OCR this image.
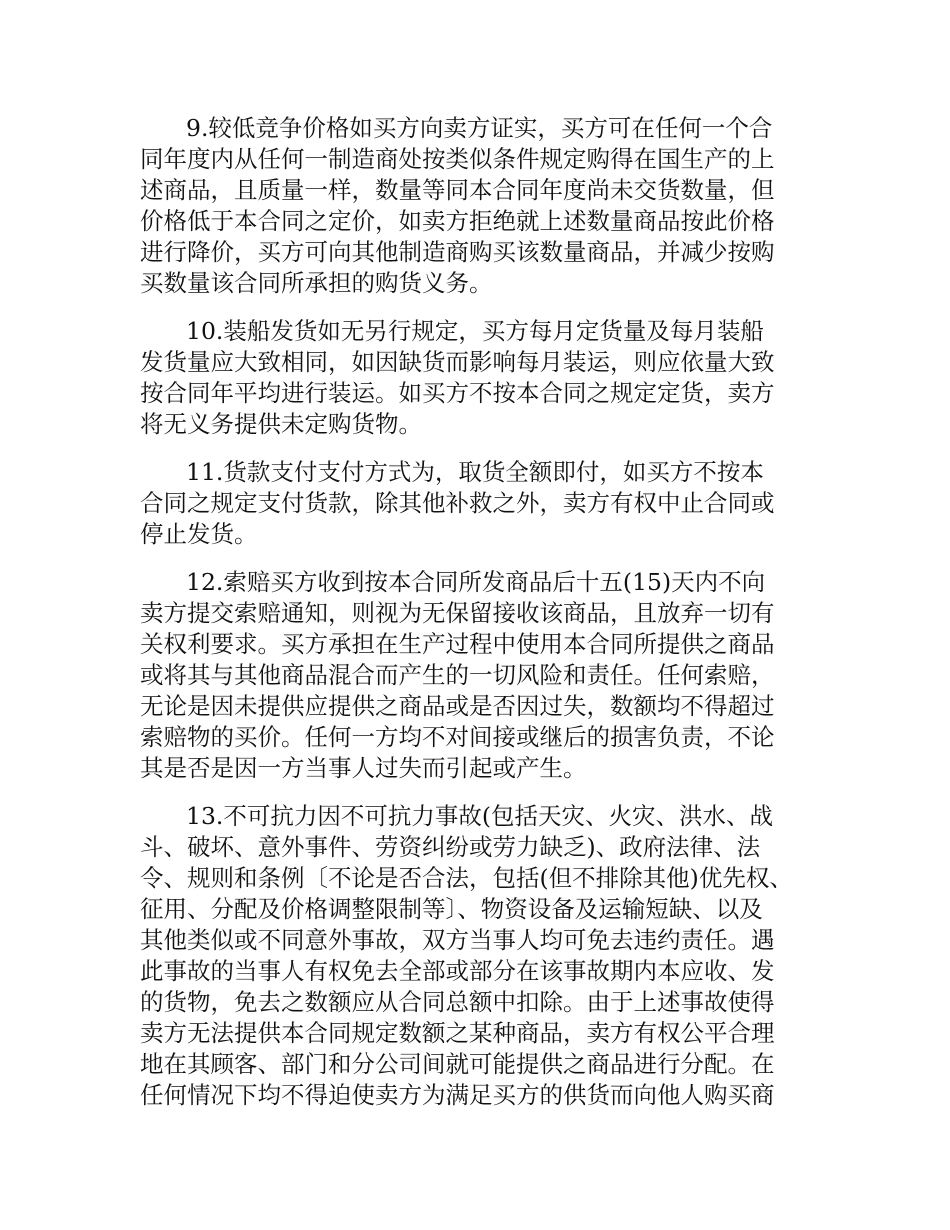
9.较低竞争价格如买方向卖方证实，买方可在任何一个合
同年度内从任何一制造商处按类似条件规定购得在国生产的上
述商品，且质量一样，数量等同本合同年度尚未交货数量，但
价格低于本合同之定价，如卖方拒绝就上述数量商品按此价格
进行降价，买方可向其他制造商购买该数量商品，并减少按购
买数量该合同所承担的购货义务。
10.装船发货如无另行规定，买方每月定货量及每月装船
发货量应大致相同，如因缺货而影响每月装运，则应依量大致
按合同年平均进行装运。如买方不按本合同之规定定货，卖方
将无义务提供未定购货物。
11.货款支付支付方式为，取货全额即付，如买方不按本
合同之规定支付货款，除其他补救之外，卖方有权中止合同或
停止发货。
12.索赔买方收到按本合同所发商品后十五(15)天内不向
卖方提交索赔通知，则视为无保留接收该商品，且放弃一切有
关权利要求。买方承担在生产过程中使用本合同所提供之商品
或将其与其他商品混合而产生的一切风险和责任。任何索赔，
无论是因未提供应提供之商品或是否因过失，数额均不得超过
索赔物的买价。任何一方均不对间接或继后的损害负责，不论
其是否是因一方当事人过失而引起或产生。
13.不可抗力因不可抗力事故(包括天灾、火灾、洪水、战
斗、破坏、意外事件、劳资纠纷或劳力缺乏)、政府法律、法
令、规则和条例〔不论是否合法，包括(但不排除其他)优先权、
征用、分配及价格调整限制等〕、物资设备及运输短缺、以及
其他类似或不同意外事故，双方当事人均可免去违约责任。遇
此事故的当事人有权免去全部或部分在该事故期内本应收、发
的货物，免去之数额应从合同总额中扣除。由于上述事故使得
卖方无法提供本合同规定数额之某种商品，卖方有权公平合理
地在其顾客、部门和分公司间就可能提供之商品进行分配。在
任何情况下均不得迫使卖方为满足买方的供货而向他人购买商
